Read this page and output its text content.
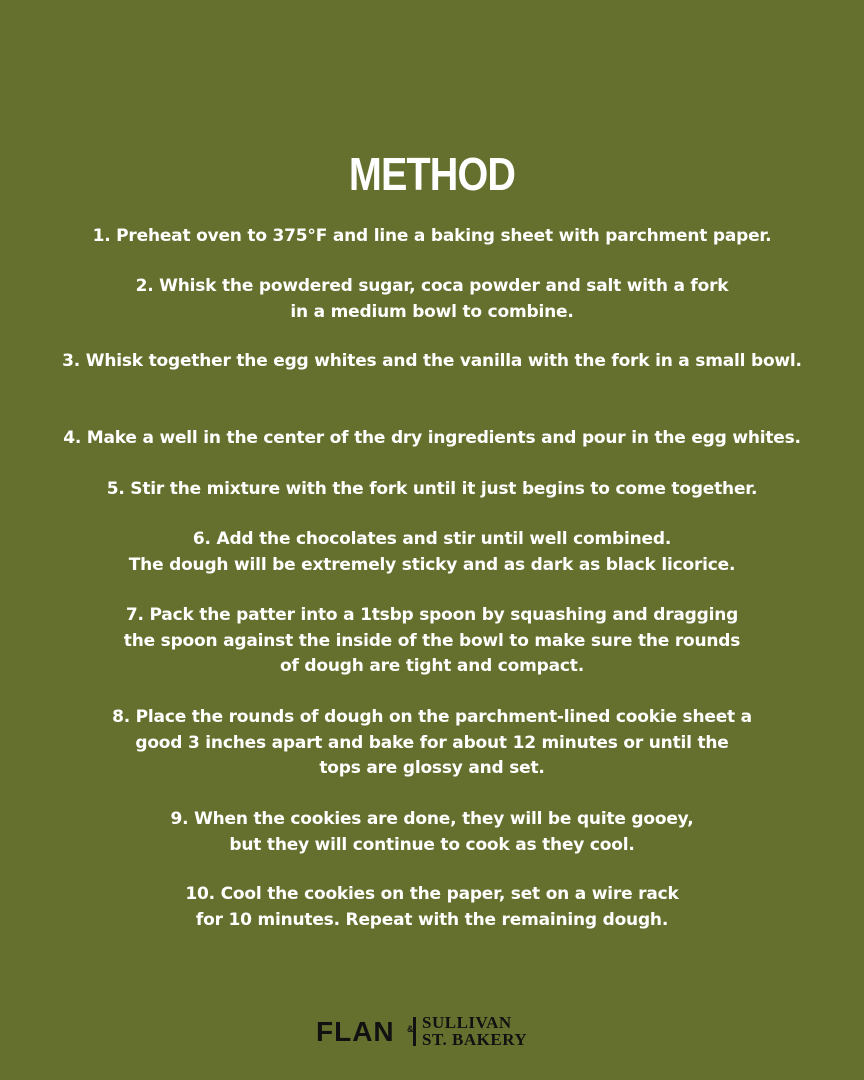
METHOD
1. Preheat oven to 375°F and line a baking sheet with parchment paper.
2. Whisk the powdered sugar, coca powder and salt with a fork
in a medium bowl to combine.
3. Whisk together the egg whites and the vanilla with the fork in a small bowl.
4. Make a well in the center of the dry ingredients and pour in the egg whites.
5. Stir the mixture with the fork until it just begins to come together.
6. Add the chocolates and stir until well combined.
The dough will be extremely sticky and as dark as black licorice.
7. Pack the patter into a 1tsbp spoon by squashing and dragging
the spoon against the inside of the bowl to make sure the rounds
of dough are tight and compact.
8. Place the rounds of dough on the parchment-lined cookie sheet a
good 3 inches apart and bake for about 12 minutes or until the
tops are glossy and set.
9. When the cookies are done, they will be quite gooey,
but they will continue to cook as they cool.
10. Cool the cookies on the paper, set on a wire rack
for 10 minutes. Repeat with the remaining dough.
FLAN & SULLIVAN
ST. BAKERY
